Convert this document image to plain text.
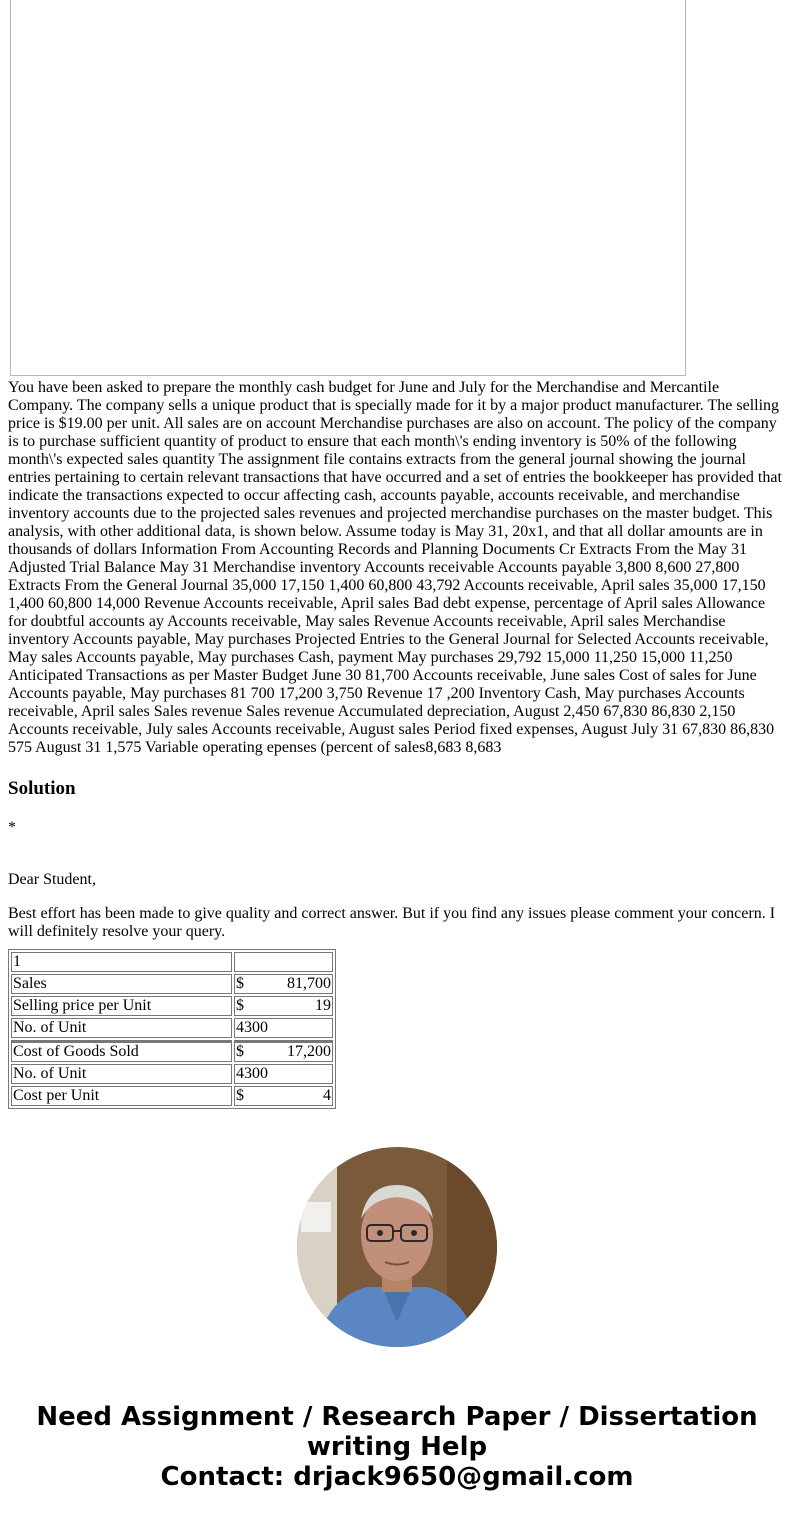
You have been asked to prepare the monthly cash budget for June and July for the Merchandise and Mercantile Company. The company sells a unique product that is specially made for it by a major product manufacturer. The selling price is $19.00 per unit. All sales are on account Merchandise purchases are also on account. The policy of the company is to purchase sufficient quantity of product to ensure that each month\'s ending inventory is 50% of the following month\'s expected sales quantity The assignment file contains extracts from the general journal showing the journal entries pertaining to certain relevant transactions that have occurred and a set of entries the bookkeeper has provided that indicate the transactions expected to occur affecting cash, accounts payable, accounts receivable, and merchandise inventory accounts due to the projected sales revenues and projected merchandise purchases on the master budget. This analysis, with other additional data, is shown below. Assume today is May 31, 20x1, and that all dollar amounts are in thousands of dollars Information From Accounting Records and Planning Documents Cr Extracts From the May 31 Adjusted Trial Balance May 31 Merchandise inventory Accounts receivable Accounts payable 3,800 8,600 27,800 Extracts From the General Journal 35,000 17,150 1,400 60,800 43,792 Accounts receivable, April sales 35,000 17,150 1,400 60,800 14,000 Revenue Accounts receivable, April sales Bad debt expense, percentage of April sales Allowance for doubtful accounts ay Accounts receivable, May sales Revenue Accounts receivable, April sales Merchandise inventory Accounts payable, May purchases Projected Entries to the General Journal for Selected Accounts receivable, May sales Accounts payable, May purchases Cash, payment May purchases 29,792 15,000 11,250 15,000 11,250 Anticipated Transactions as per Master Budget June 30 81,700 Accounts receivable, June sales Cost of sales for June Accounts payable, May purchases 81 700 17,200 3,750 Revenue 17 ,200 Inventory Cash, May purchases Accounts receivable, April sales Sales revenue Sales revenue Accumulated depreciation, August 2,450 67,830 86,830 2,150 Accounts receivable, July sales Accounts receivable, August sales Period fixed expenses, August July 31 67,830 86,830 575 August 31 1,575 Variable operating epenses (percent of sales8,683 8,683

Solution

*

Dear Student,

Best effort has been made to give quality and correct answer. But if you find any issues please comment your concern. I will definitely resolve your query.

1	

Sales	$ 81,700

Selling price per Unit	$ 19

No. of Unit	4300
Cost of Goods Sold	$ 17,200

No. of Unit	4300
Cost per Unit	$ 4
Need Assignment / Research Paper / Dissertation writing Help
Contact: drjack9650@gmail.com
